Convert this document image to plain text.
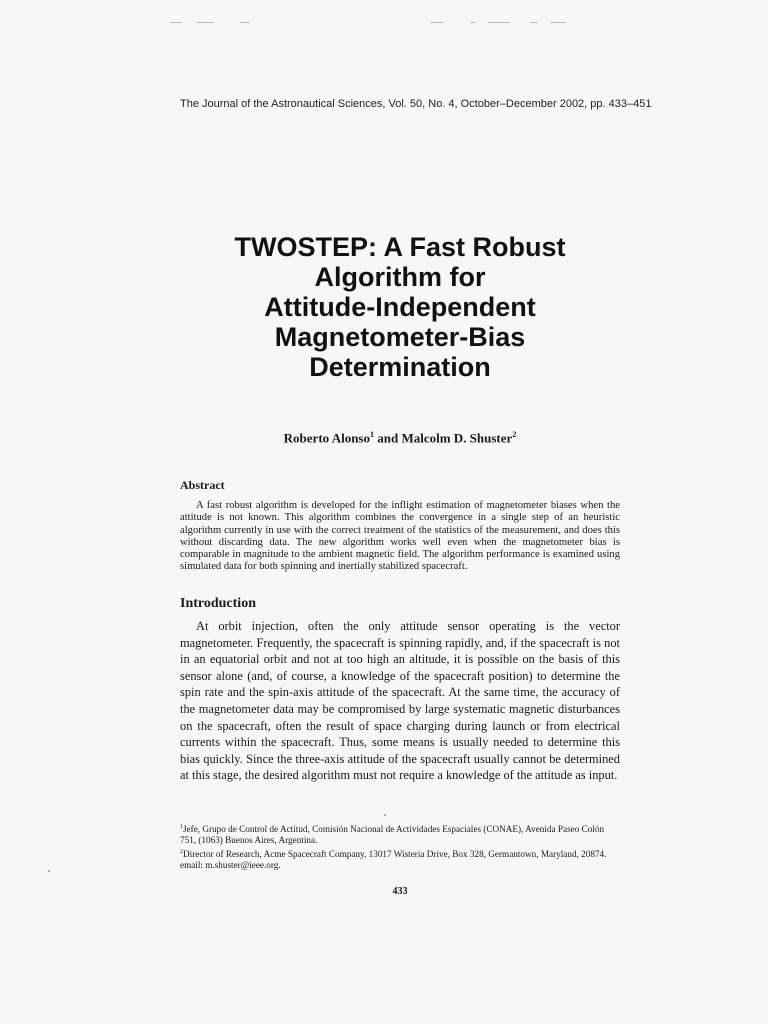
The Journal of the Astronautical Sciences, Vol. 50, No. 4, October–December 2002, pp. 433–451
TWOSTEP: A Fast Robust
Algorithm for
Attitude-Independent
Magnetometer-Bias
Determination
Roberto Alonso$^1$ and Malcolm D. Shuster$^2$
Abstract

A fast robust algorithm is developed for the inflight estimation of magnetometer biases when the attitude is not known. This algorithm combines the convergence in a single step of an heuristic algorithm currently in use with the correct treatment of the statistics of the measurement, and does this without discarding data. The new algorithm works well even when the magnetometer bias is comparable in magnitude to the ambient magnetic field. The algorithm performance is examined using simulated data for both spinning and inertially stabilized spacecraft.

Introduction

At orbit injection, often the only attitude sensor operating is the vector magnetometer. Frequently, the spacecraft is spinning rapidly, and, if the spacecraft is not in an equatorial orbit and not at too high an altitude, it is possible on the basis of this sensor alone (and, of course, a knowledge of the spacecraft position) to determine the spin rate and the spin-axis attitude of the spacecraft. At the same time, the accuracy of the magnetometer data may be compromised by large systematic magnetic disturbances on the spacecraft, often the result of space charging during launch or from electrical currents within the spacecraft. Thus, some means is usually needed to determine this bias quickly. Since the three-axis attitude of the spacecraft usually cannot be determined at this stage, the desired algorithm must not require a knowledge of the attitude as input.

$^1$Jefe, Grupo de Control de Actitud, Comisión Nacional de Actividades Espaciales (CONAE), Avenida Paseo Colón 751, (1063) Buenos Aires, Argentina.

$^2$Director of Research, Acme Spacecraft Company, 13017 Wisteria Drive, Box 328, Germantown, Maryland, 20874. email: m.shuster@ieee.org.

433
